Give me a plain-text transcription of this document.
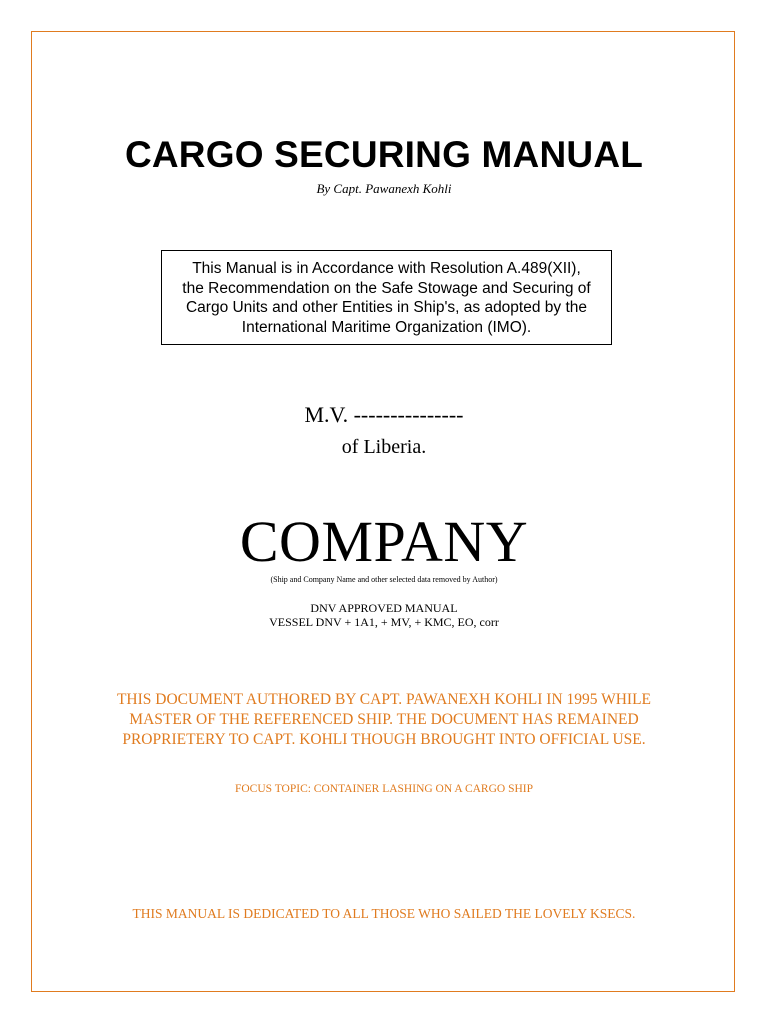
CARGO SECURING MANUAL
By Capt. Pawanexh Kohli
This Manual is in Accordance with Resolution A.489(XII),
the Recommendation on the Safe Stowage and Securing of
Cargo Units and other Entities in Ship's, as adopted by the
International Maritime Organization (IMO).
M.V. ---------------
of Liberia.
COMPANY
(Ship and Company Name and other selected data removed by Author)
DNV APPROVED MANUAL
VESSEL DNV + 1A1, + MV, + KMC, EO, corr
THIS DOCUMENT AUTHORED BY CAPT. PAWANEXH KOHLI IN 1995 WHILE
MASTER OF THE REFERENCED SHIP. THE DOCUMENT HAS REMAINED
PROPRIETERY TO CAPT. KOHLI THOUGH BROUGHT INTO OFFICIAL USE.
FOCUS TOPIC: CONTAINER LASHING ON A CARGO SHIP
THIS MANUAL IS DEDICATED TO ALL THOSE WHO SAILED THE LOVELY KSECS.
